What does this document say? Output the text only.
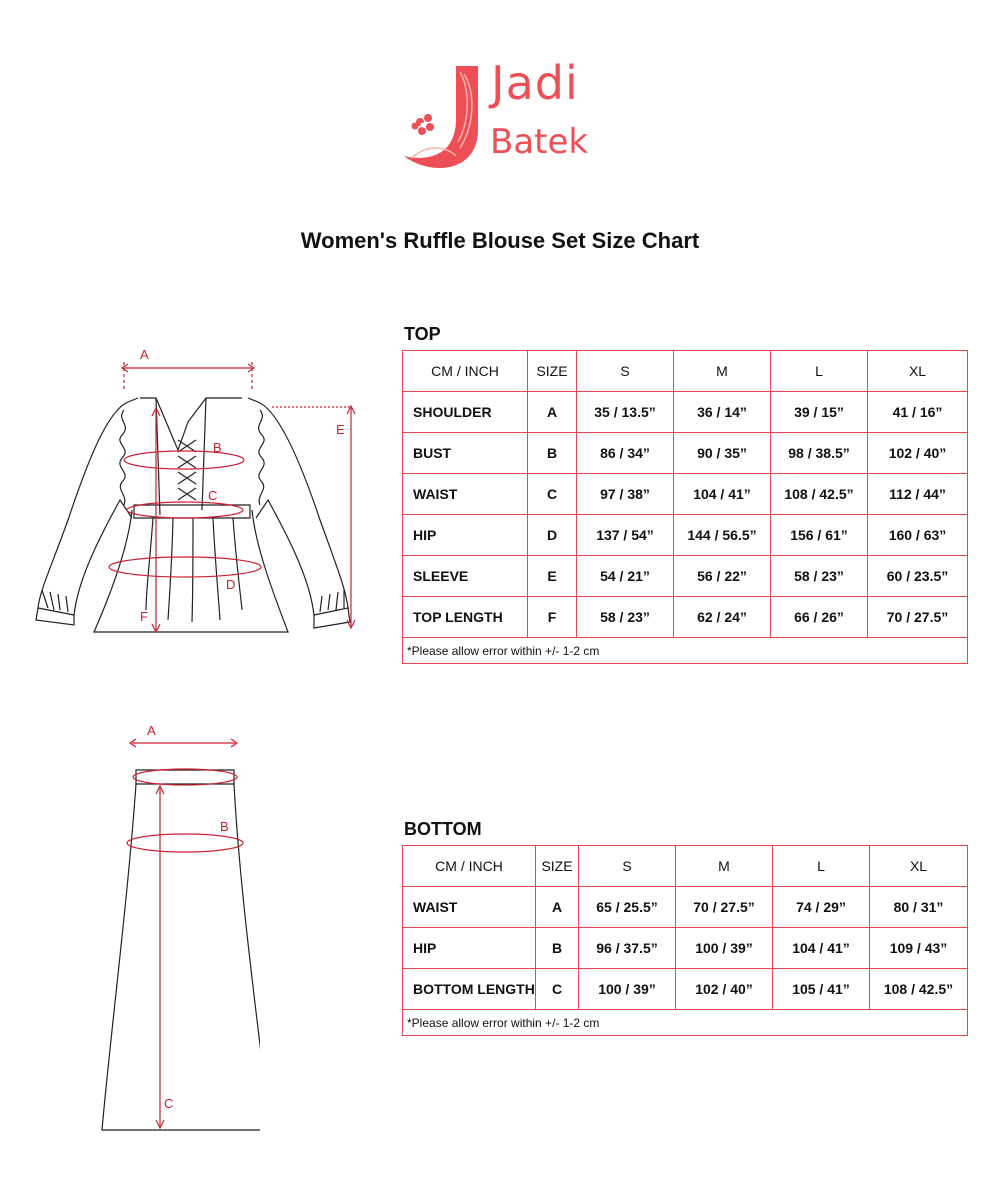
Jadi
Batek
Women's Ruffle Blouse Set Size Chart
A
B
C
D
E
F
TOP
CM / INCH	SIZE	S	M	L	XL
SHOULDER	A	35 / 13.5”	36 / 14”	39 / 15”	41 / 16”
BUST	B	86 / 34”	90 / 35”	98 / 38.5”	102 / 40”
WAIST	C	97 / 38”	104 / 41”	108 / 42.5”	112 / 44”
HIP	D	137 / 54”	144 / 56.5”	156 / 61”	160 / 63”
SLEEVE	E	54 / 21”	56 / 22”	58 / 23”	60 / 23.5”
TOP LENGTH	F	58 / 23”	62 / 24”	66 / 26”	70 / 27.5”
*Please allow error within +/- 1-2 cm					
A
B
C
BOTTOM
CM / INCH	SIZE	S	M	L	XL
WAIST	A	65 / 25.5”	70 / 27.5”	74 / 29”	80 / 31”
HIP	B	96 / 37.5”	100 / 39”	104 / 41”	109 / 43”
BOTTOM LENGTH	C	100 / 39”	102 / 40”	105 / 41”	108 / 42.5”
*Please allow error within +/- 1-2 cm					
